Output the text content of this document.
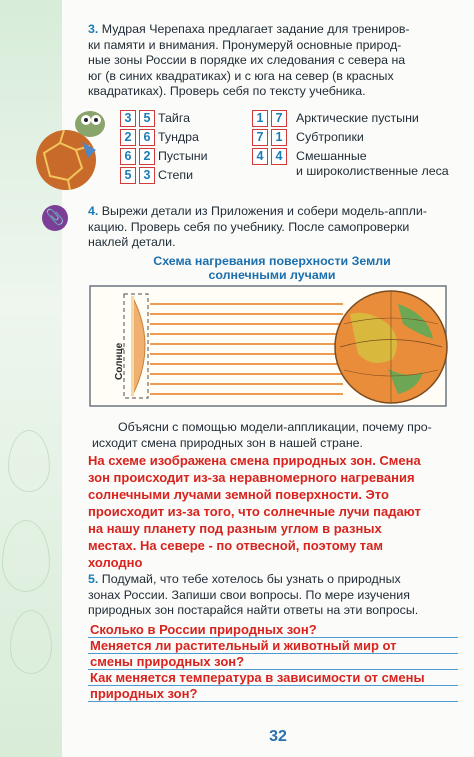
3. Мудрая Черепаха предлагает задание для трениров-
ки памяти и внимания. Пронумеруй основные природ-
ные зоны России в порядке их следования с севера на
юг (в синих квадратиках) и с юга на север (в красных
квадратиках). Проверь себя по тексту учебника.
3 5 Тайга
2 6 Тундра
6 2 Пустыни
5 3 Степи
1 7	Арктические пустыни
7 1	Субтропики
4 4	Смешанные
и широколиственные леса
📎 4. Вырежи детали из Приложения и собери модель-аппли-
кацию. Проверь себя по учебнику. После самопроверки
наклей детали.
Схема нагревания поверхности Земли
солнечными лучами
Солнце
Объясни с помощью модели-аппликации, почему про-
исходит смена природных зон в нашей стране.
На схеме изображена смена природных зон. Смена
зон происходит из-за неравномерного нагревания
солнечными лучами земной поверхности. Это
происходит из-за того, что солнечные лучи падают
на нашу планету под разным углом в разных
местах. На севере - по отвесной, поэтому там
холодно
5. Подумай, что тебе хотелось бы узнать о природных
зонах России. Запиши свои вопросы. По мере изучения
природных зон постарайся найти ответы на эти вопросы.
Сколько в России природных зон?
Меняется ли растительный и животный мир от
смены природных зон?
Как меняется температура в зависимости от смены
природных зон?
32
